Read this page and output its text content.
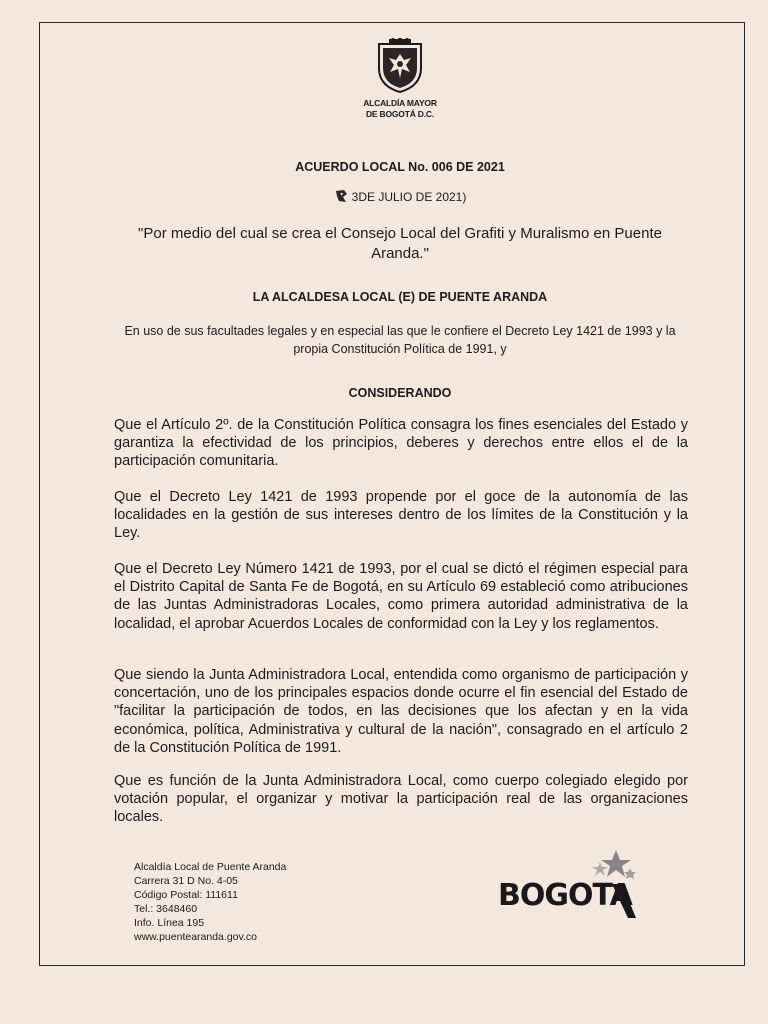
ALCALDÍA MAYOR
DE BOGOTÁ D.C.
ACUERDO LOCAL No. 006 DE 2021
3DE JULIO DE 2021)
"Por medio del cual se crea el Consejo Local del Grafiti y Muralismo en Puente Aranda."
LA ALCALDESA LOCAL (E) DE PUENTE ARANDA
En uso de sus facultades legales y en especial las que le confiere el Decreto Ley 1421 de 1993 y la propia Constitución Política de 1991, y
CONSIDERANDO
Que el Artículo 2º. de la Constitución Política consagra los fines esenciales del Estado y garantiza la efectividad de los principios, deberes y derechos entre ellos el de la participación comunitaria.
Que el Decreto Ley 1421 de 1993 propende por el goce de la autonomía de las localidades en la gestión de sus intereses dentro de los límites de la Constitución y la Ley.
Que el Decreto Ley Número 1421 de 1993, por el cual se dictó el régimen especial para el Distrito Capital de Santa Fe de Bogotá, en su Artículo 69 estableció como atribuciones de las Juntas Administradoras Locales, como primera autoridad administrativa de la localidad, el aprobar Acuerdos Locales de conformidad con la Ley y los reglamentos.
Que siendo la Junta Administradora Local, entendida como organismo de participación y concertación, uno de los principales espacios donde ocurre el fin esencial del Estado de "facilitar la participación de todos, en las decisiones que los afectan y en la vida económica, política, Administrativa y cultural de la nación", consagrado en el artículo 2 de la Constitución Política de 1991.
Que es función de la Junta Administradora Local, como cuerpo colegiado elegido por votación popular, el organizar y motivar la participación real de las organizaciones locales.
Alcaldía Local de Puente Aranda
Carrera 31 D No. 4-05
Código Postal: 111611
Tel.: 3648460
Info. Línea 195
www.puentearanda.gov.co
BOGOTA
